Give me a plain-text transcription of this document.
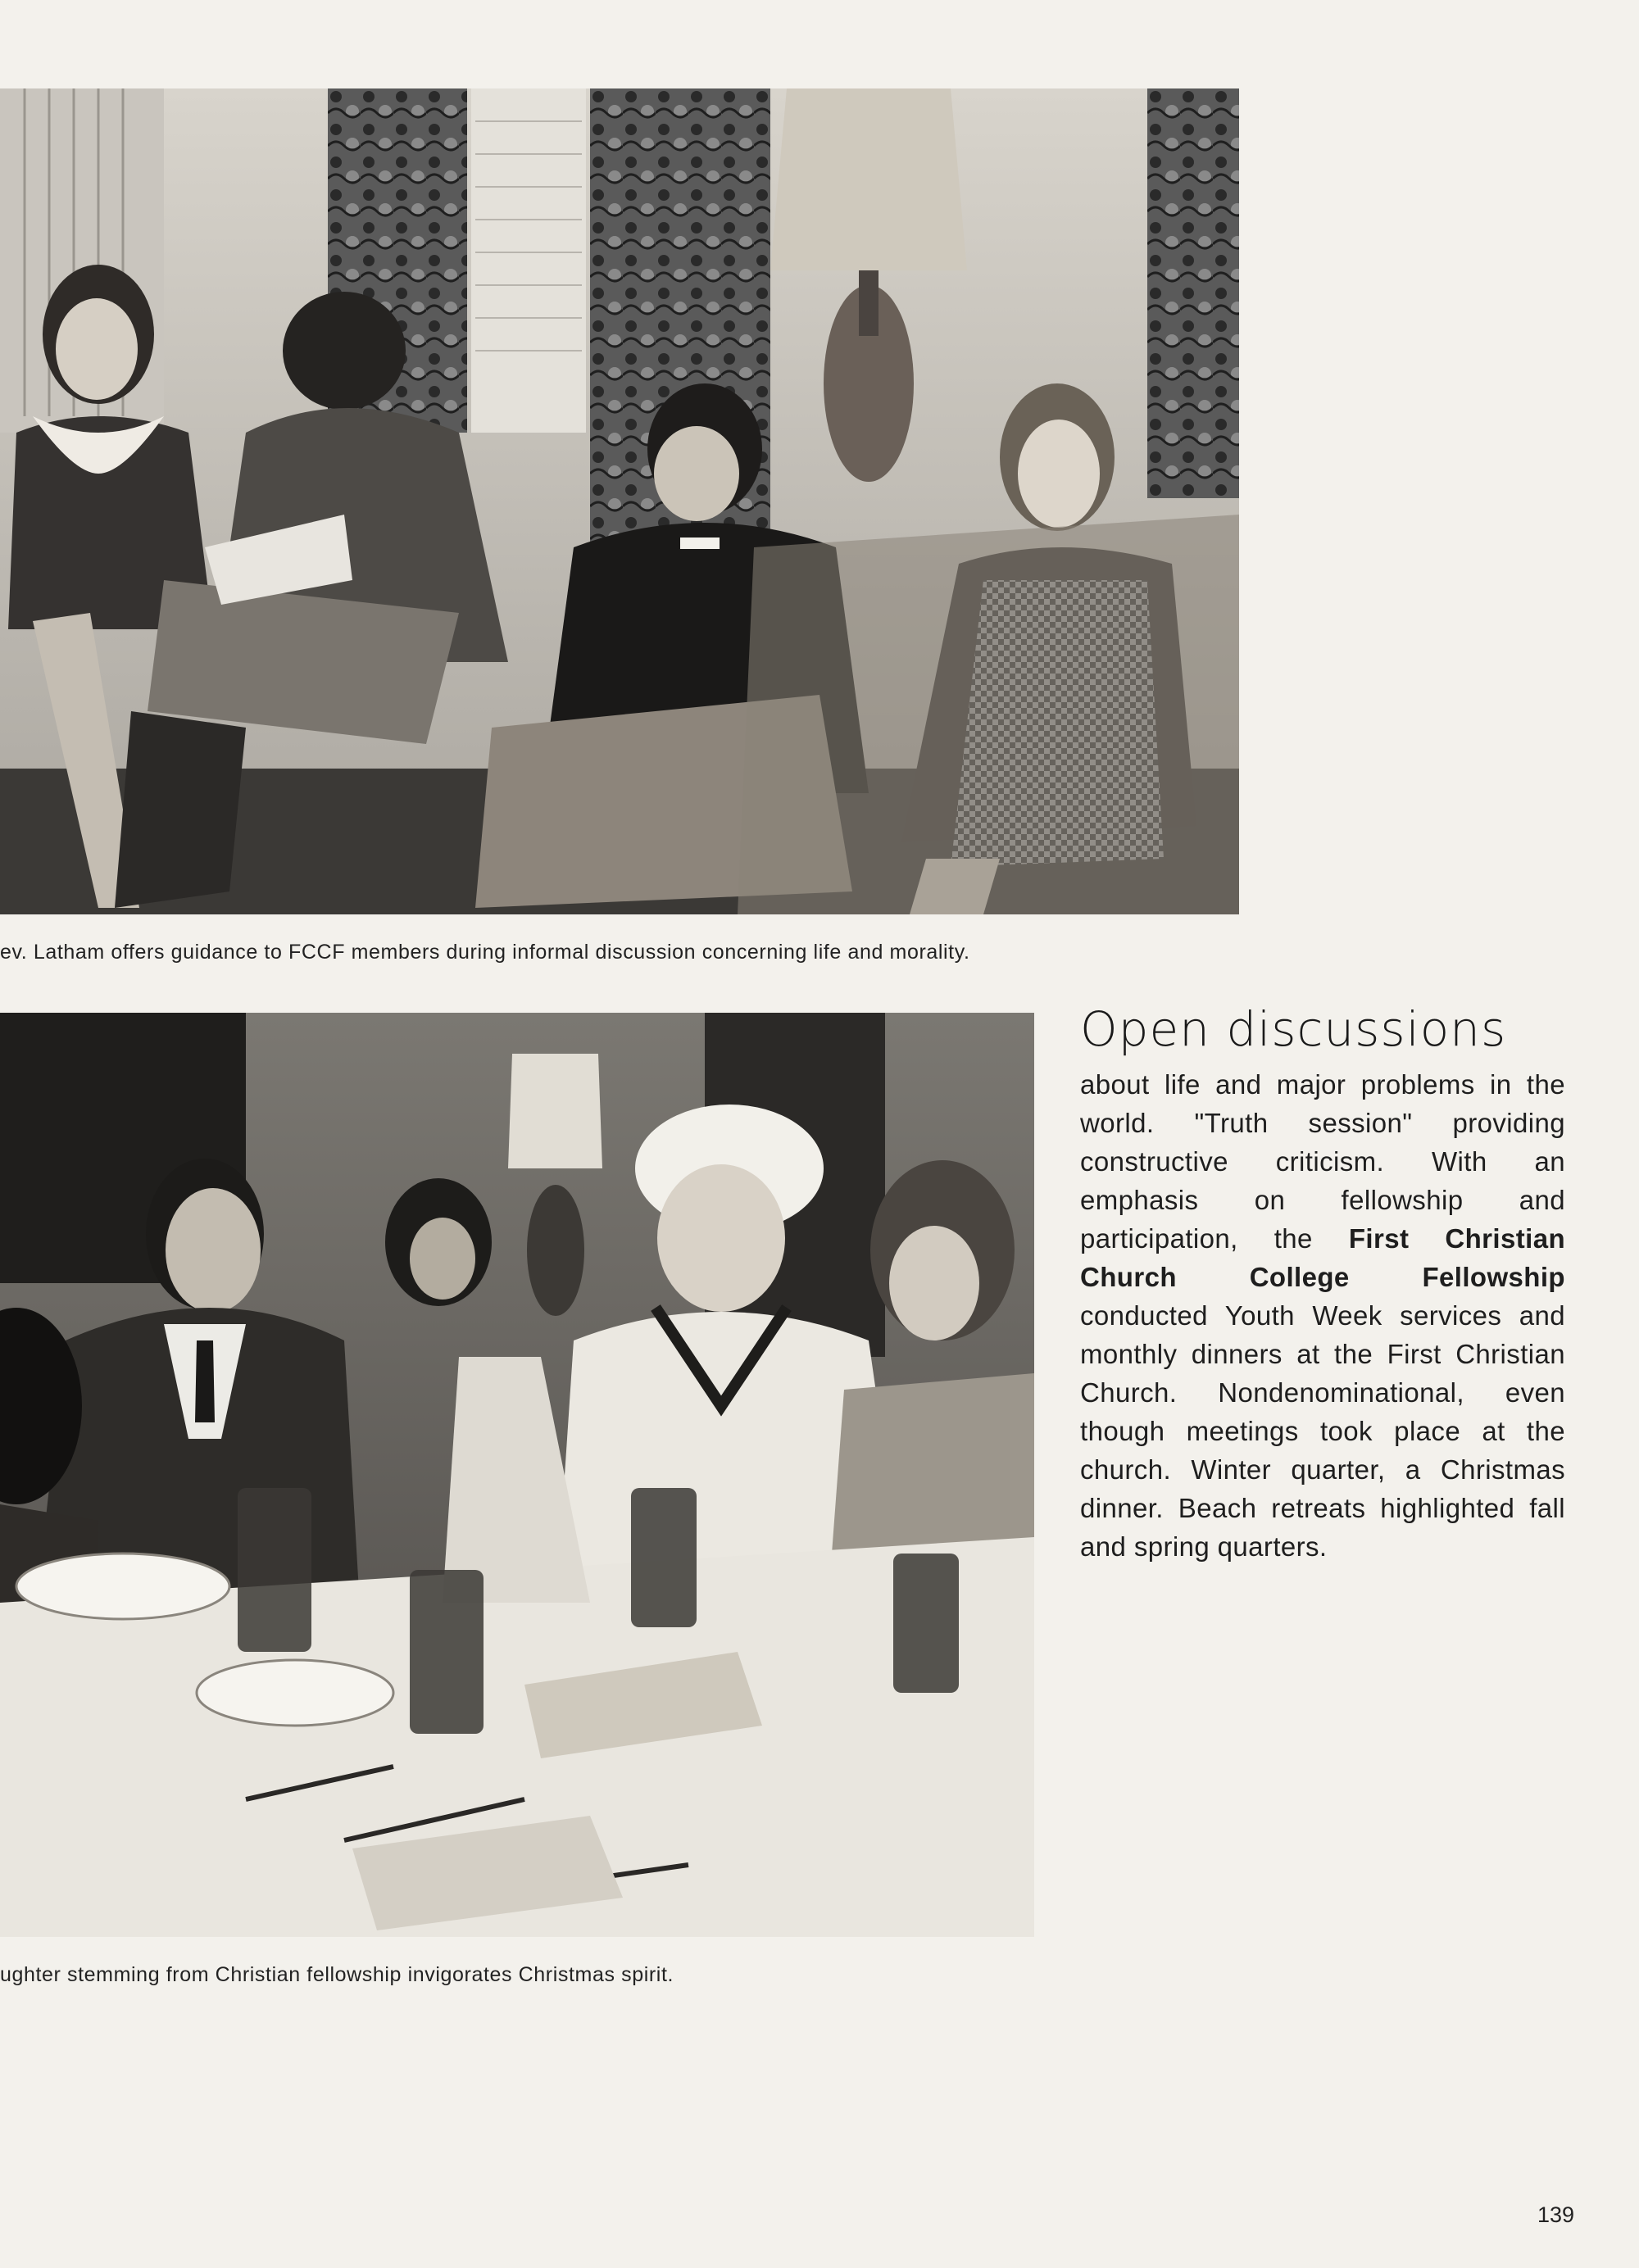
ev. Latham offers guidance to FCCF members during informal discussion concerning life and morality.
ughter stemming from Christian fellowship invigorates Christmas spirit.
Open discussions
about life and major problems in the world. "Truth session" providing constructive criticism. With an emphasis on fellowship and participation, the First Christian Church College Fellowship conducted Youth Week services and monthly dinners at the First Christian Church. Nondenominational, even though meetings took place at the church. Winter quarter, a Christmas dinner. Beach retreats highlighted fall and spring quarters.
139
